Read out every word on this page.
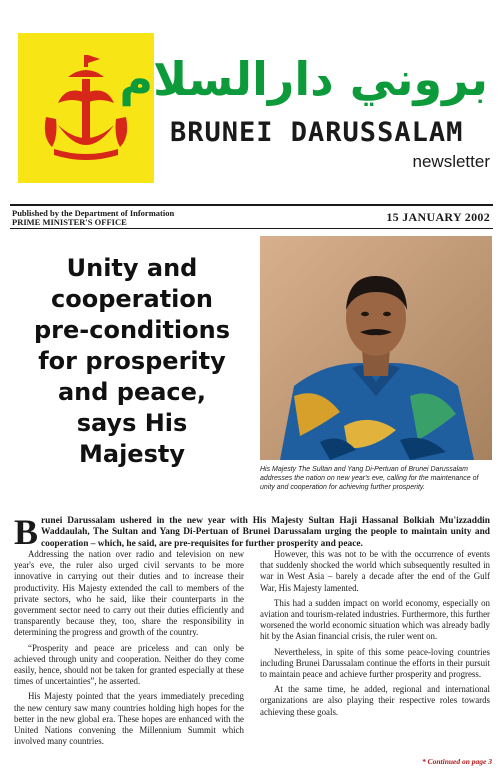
بروني دارالسلام
BRUNEI DARUSSALAM
newsletter
Published by the Department of Information
PRIME MINISTER'S OFFICE	15 JANUARY 2002
Unity and
cooperation
pre-conditions
for prosperity
and peace,
says His
Majesty
His Majesty The Sultan and Yang Di-Pertuan of Brunei Darussalam addresses the nation on new year's eve, calling for the maintenance of unity and cooperation for achieving further prosperity.
Brunei Darussalam ushered in the new year with His Majesty Sultan Haji Hassanal Bolkiah Mu'izzaddin Waddaulah, The Sultan and Yang Di-Pertuan of Brunei Darussalam urging the people to maintain unity and cooperation – which, he said, are pre-requisites for further prosperity and peace.

Addressing the nation over radio and television on new year's eve, the ruler also urged civil servants to be more innovative in carrying out their duties and to increase their productivity. His Majesty extended the call to members of the private sectors, who he said, like their counterparts in the government sector need to carry out their duties efficiently and transparently because they, too, share the responsibility in determining the progress and growth of the country.

“Prosperity and peace are priceless and can only be achieved through unity and cooperation. Neither do they come easily, hence, should not be taken for granted especially at these times of uncertainties”, he asserted.

His Majesty pointed that the years immediately preceding the new century saw many countries holding high hopes for the better in the new global era. These hopes are enhanced with the United Nations convening the Millennium Summit which involved many countries.

However, this was not to be with the occurrence of events that suddenly shocked the world which subsequently resulted in war in West Asia – barely a decade after the end of the Gulf War, His Majesty lamented.

This had a sudden impact on world economy, especially on aviation and tourism-related industries. Furthermore, this further worsened the world economic situation which was already badly hit by the Asian financial crisis, the ruler went on.

Nevertheless, in spite of this some peace-loving countries including Brunei Darussalam continue the efforts in their pursuit to maintain peace and achieve further prosperity and progress.

At the same time, he added, regional and international organizations are also playing their respective roles towards achieving these goals.

* Continued on page 3
